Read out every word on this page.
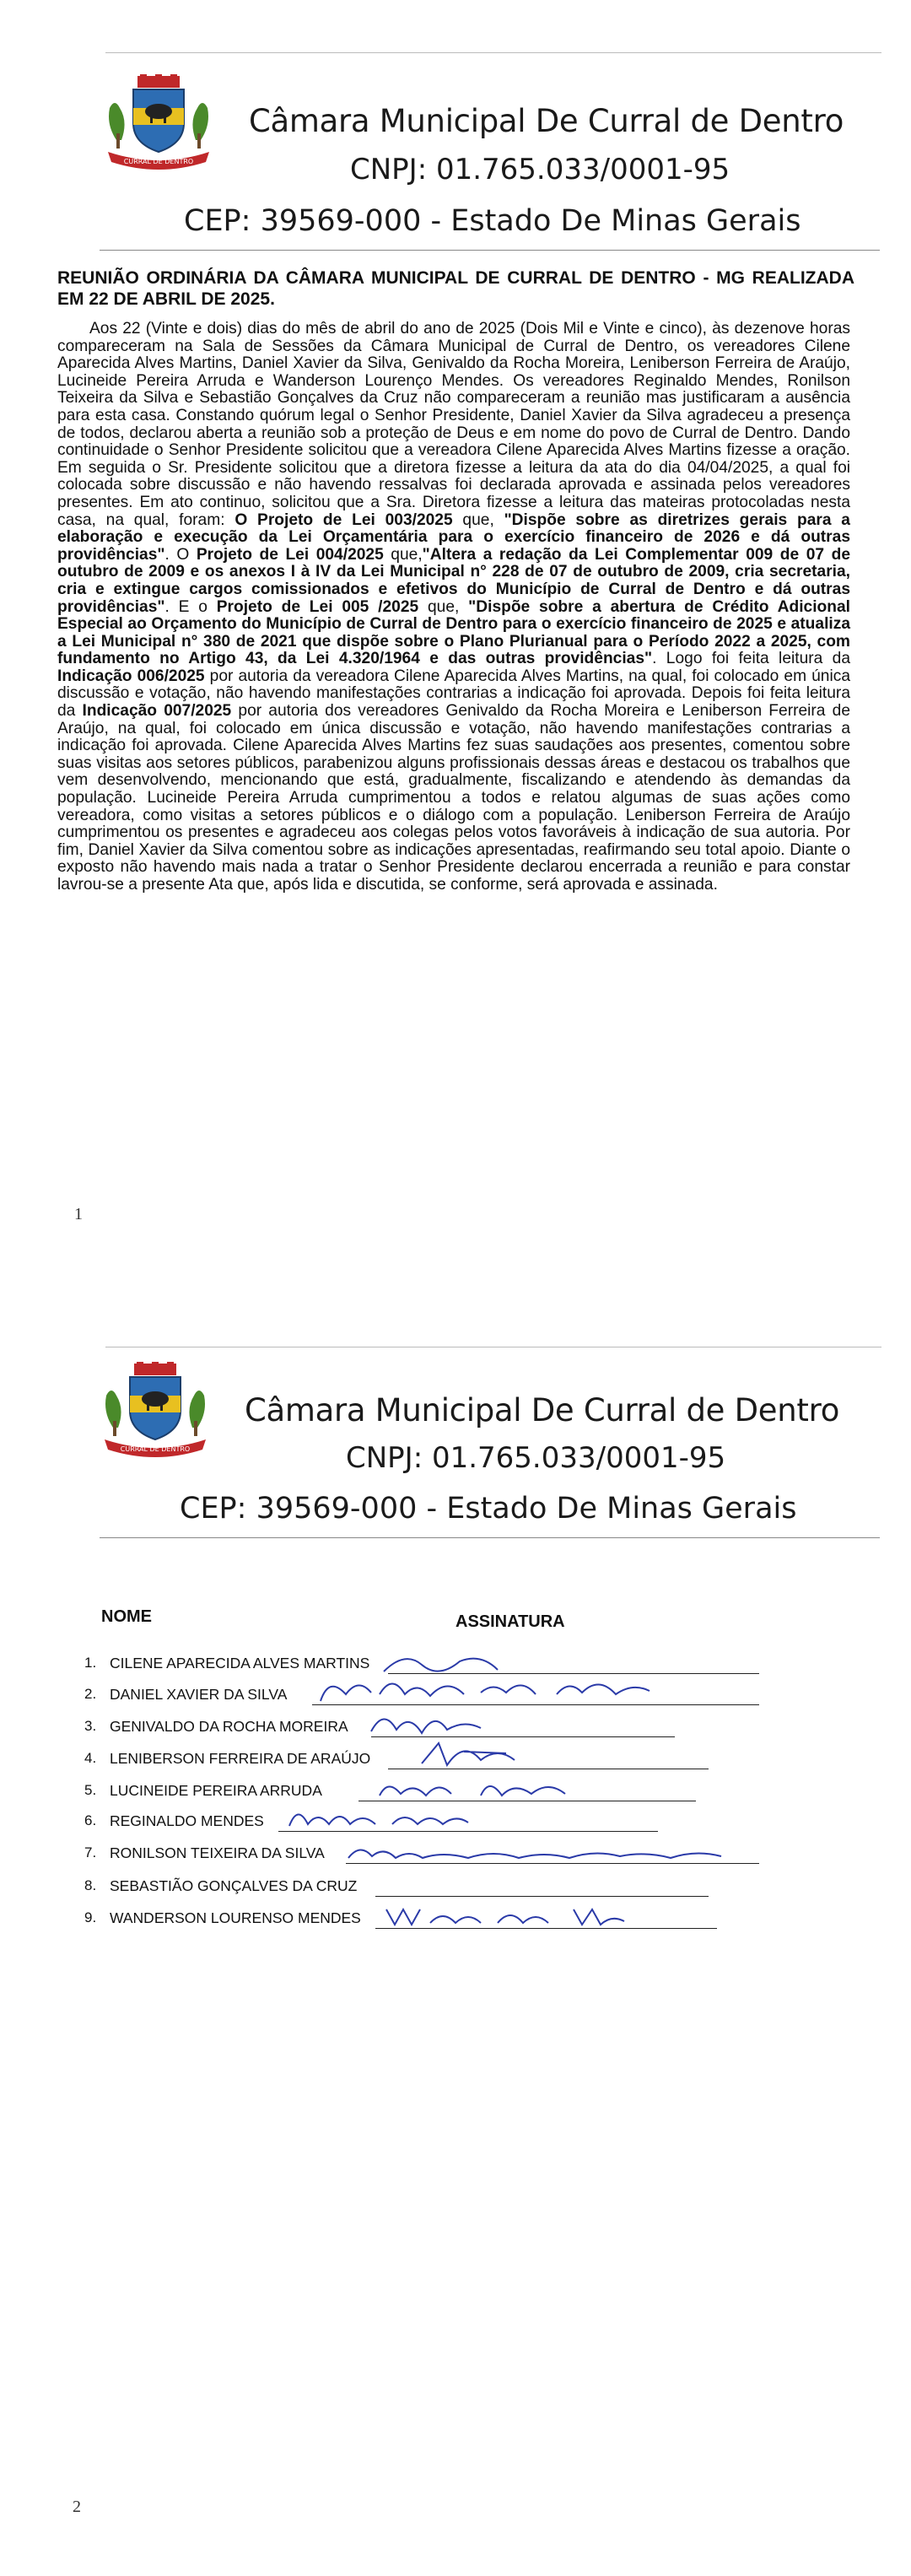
CURRAL DE DENTRO
Câmara Municipal De Curral de Dentro
CNPJ: 01.765.033/0001-95
CEP: 39569-000 - Estado De Minas Gerais
REUNIÃO ORDINÁRIA DA CÂMARA MUNICIPAL DE CURRAL DE DENTRO - MG REALIZADA EM 22 DE ABRIL DE 2025.

Aos 22 (Vinte e dois) dias do mês de abril do ano de 2025 (Dois Mil e Vinte e cinco), às dezenove horas compareceram na Sala de Sessões da Câmara Municipal de Curral de Dentro, os vereadores Cilene Aparecida Alves Martins, Daniel Xavier da Silva, Genivaldo da Rocha Moreira, Leniberson Ferreira de Araújo, Lucineide Pereira Arruda e Wanderson Lourenço Mendes. Os vereadores Reginaldo Mendes, Ronilson Teixeira da Silva e Sebastião Gonçalves da Cruz não compareceram a reunião mas justificaram a ausência para esta casa. Constando quórum legal o Senhor Presidente, Daniel Xavier da Silva agradeceu a presença de todos, declarou aberta a reunião sob a proteção de Deus e em nome do povo de Curral de Dentro. Dando continuidade o Senhor Presidente solicitou que a vereadora Cilene Aparecida Alves Martins fizesse a oração. Em seguida o Sr. Presidente solicitou que a diretora fizesse a leitura da ata do dia 04/04/2025, a qual foi colocada sobre discussão e não havendo ressalvas foi declarada aprovada e assinada pelos vereadores presentes. Em ato continuo, solicitou que a Sra. Diretora fizesse a leitura das mateiras protocoladas nesta casa, na qual, foram: O Projeto de Lei 003/2025 que, "Dispõe sobre as diretrizes gerais para a elaboração e execução da Lei Orçamentária para o exercício financeiro de 2026 e dá outras providências". O Projeto de Lei 004/2025 que,"Altera a redação da Lei Complementar 009 de 07 de outubro de 2009 e os anexos I à IV da Lei Municipal n° 228 de 07 de outubro de 2009, cria secretaria, cria e extingue cargos comissionados e efetivos do Município de Curral de Dentro e dá outras providências". E o Projeto de Lei 005 /2025 que, "Dispõe sobre a abertura de Crédito Adicional Especial ao Orçamento do Município de Curral de Dentro para o exercício financeiro de 2025 e atualiza a Lei Municipal n° 380 de 2021 que dispõe sobre o Plano Plurianual para o Período 2022 a 2025, com fundamento no Artigo 43, da Lei 4.320/1964 e das outras providências". Logo foi feita leitura da Indicação 006/2025 por autoria da vereadora Cilene Aparecida Alves Martins, na qual, foi colocado em única discussão e votação, não havendo manifestações contrarias a indicação foi aprovada. Depois foi feita leitura da Indicação 007/2025 por autoria dos vereadores Genivaldo da Rocha Moreira e Leniberson Ferreira de Araújo, na qual, foi colocado em única discussão e votação, não havendo manifestações contrarias a indicação foi aprovada. Cilene Aparecida Alves Martins fez suas saudações aos presentes, comentou sobre suas visitas aos setores públicos, parabenizou alguns profissionais dessas áreas e destacou os trabalhos que vem desenvolvendo, mencionando que está, gradualmente, fiscalizando e atendendo às demandas da população. Lucineide Pereira Arruda cumprimentou a todos e relatou algumas de suas ações como vereadora, como visitas a setores públicos e o diálogo com a população. Leniberson Ferreira de Araújo cumprimentou os presentes e agradeceu aos colegas pelos votos favoráveis à indicação de sua autoria. Por fim, Daniel Xavier da Silva comentou sobre as indicações apresentadas, reafirmando seu total apoio. Diante o exposto não havendo mais nada a tratar o Senhor Presidente declarou encerrada a reunião e para constar lavrou-se a presente Ata que, após lida e discutida, se conforme, será aprovada e assinada.

1
CURRAL DE DENTRO
Câmara Municipal De Curral de Dentro
CNPJ: 01.765.033/0001-95
CEP: 39569-000 - Estado De Minas Gerais
NOME	ASSINATURA
1. CILENE APARECIDA ALVES MARTINS
2. DANIEL XAVIER DA SILVA
3. GENIVALDO DA ROCHA MOREIRA
4. LENIBERSON FERREIRA DE ARAÚJO
5. LUCINEIDE PEREIRA ARRUDA
6. REGINALDO MENDES
7. RONILSON TEIXEIRA DA SILVA
8. SEBASTIÃO GONÇALVES DA CRUZ
9. WANDERSON LOURENSO MENDES
2
